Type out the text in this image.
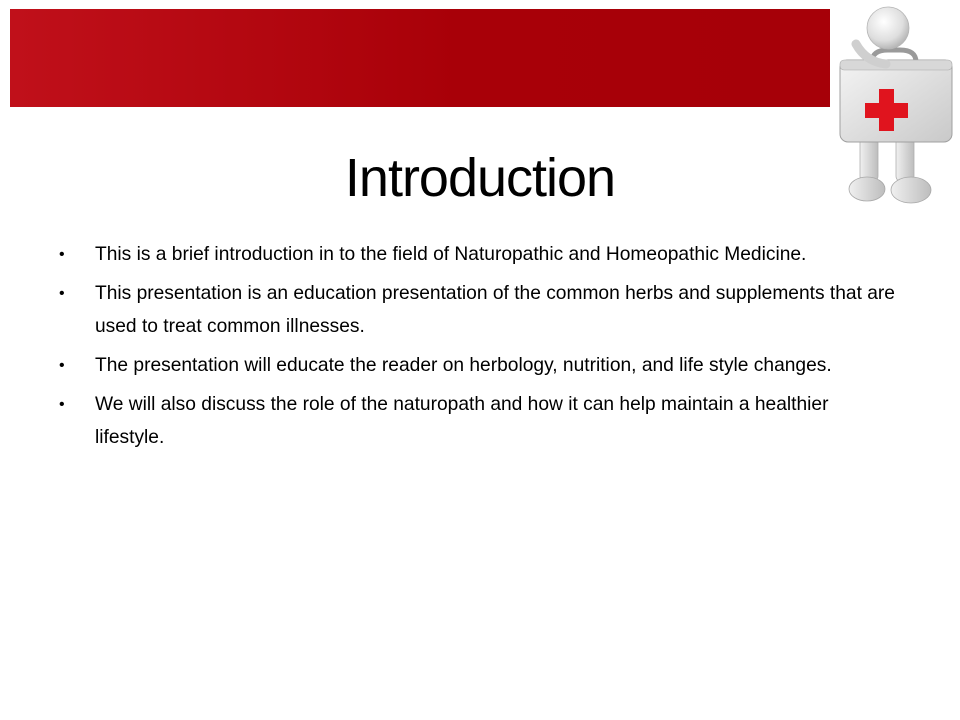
Introduction
• This is a brief introduction in to the field of Naturopathic and Homeopathic Medicine.
• This presentation is an education presentation of the common herbs and supplements that are used to treat common illnesses.
• The presentation will educate the reader on herbology, nutrition, and life style changes.
• We will also discuss the role of the naturopath and how it can help maintain a healthier lifestyle.
